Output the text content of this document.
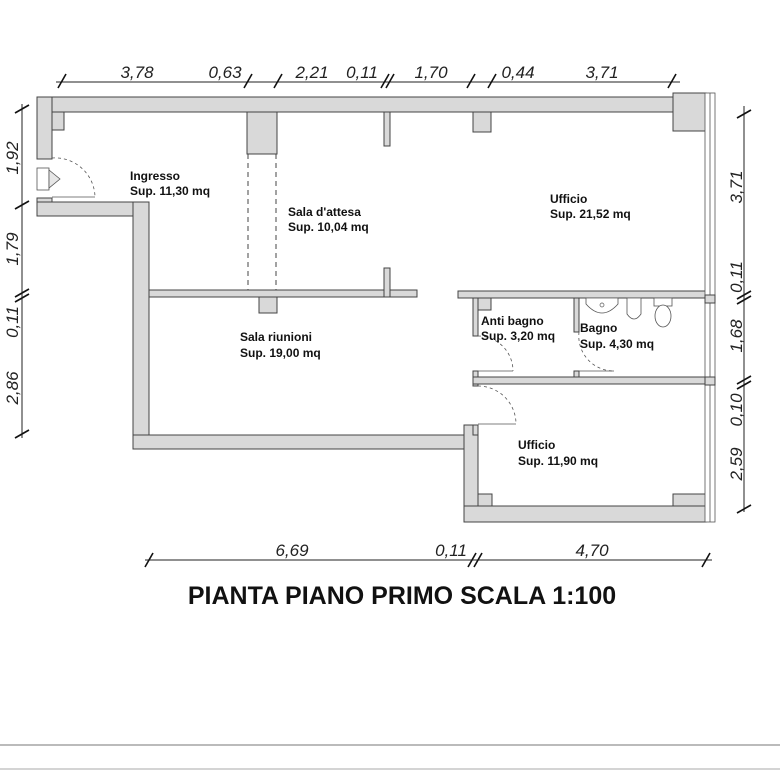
3,78	0,63	2,21 0,11 1,70	0,44	3,71
1,92
1,79
0,11
2,86
3,71
0,11
1,68
0,10
2,59
6,69	0,11	4,70
Ingresso
Sup. 11,30 mq
Sala d'attesa
Sup. 10,04 mq
Ufficio
Sup. 21,52 mq
Sala riunioni
Sup. 19,00 mq
Anti bagno
Sup. 3,20 mq
Bagno
Sup. 4,30 mq
Ufficio
Sup. 11,90 mq
PIANTA PIANO PRIMO SCALA 1:100
